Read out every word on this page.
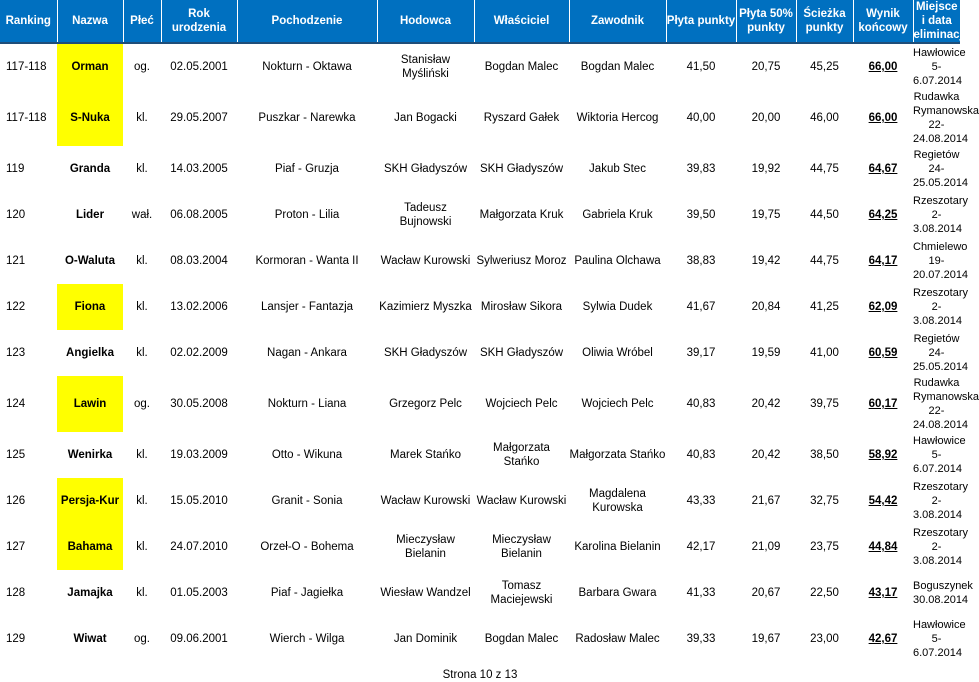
Ranking	Nazwa	Płeć	Rok urodzenia	Pochodzenie	Hodowca	Właściciel	Zawodnik	Płyta punkty	Płyta 50% punkty	Ścieżka punkty	Wynik końcowy	Miejsce i data eliminacji
117-118	Orman	og.	02.05.2001	Nokturn - Oktawa	Stanisław Myśliński	Bogdan Malec	Bogdan Malec	41,50	20,75	45,25	66,00	Hawłowice
5-6.07.2014

117-118	S-Nuka	kl.	29.05.2007	Puszkar - Narewka	Jan Bogacki	Ryszard Gałek	Wiktoria Hercog	40,00	20,00	46,00	66,00	Rudawka Rymanowska
22-24.08.2014

119	Granda	kl.	14.03.2005	Piaf - Gruzja	SKH Gładyszów	SKH Gładyszów	Jakub Stec	39,83	19,92	44,75	64,67	Regietów
24-25.05.2014

120	Lider	wał.	06.08.2005	Proton - Lilia	Tadeusz Bujnowski	Małgorzata Kruk	Gabriela Kruk	39,50	19,75	44,50	64,25	Rzeszotary
2-3.08.2014

121	O-Waluta	kl.	08.03.2004	Kormoran - Wanta II	Wacław Kurowski	Sylweriusz Moroz	Paulina Olchawa	38,83	19,42	44,75	64,17	Chmielewo
19-20.07.2014

122	Fiona	kl.	13.02.2006	Lansjer - Fantazja	Kazimierz Myszka	Mirosław Sikora	Sylwia Dudek	41,67	20,84	41,25	62,09	Rzeszotary
2-3.08.2014

123	Angielka	kl.	02.02.2009	Nagan - Ankara	SKH Gładyszów	SKH Gładyszów	Oliwia Wróbel	39,17	19,59	41,00	60,59	Regietów
24-25.05.2014

124	Lawin	og.	30.05.2008	Nokturn - Liana	Grzegorz Pelc	Wojciech Pelc	Wojciech Pelc	40,83	20,42	39,75	60,17	Rudawka Rymanowska
22-24.08.2014

125	Wenirka	kl.	19.03.2009	Otto - Wikuna	Marek Stańko	Małgorzata Stańko	Małgorzata Stańko	40,83	20,42	38,50	58,92	Hawłowice
5-6.07.2014

126	Persja-Kur	kl.	15.05.2010	Granit - Sonia	Wacław Kurowski	Wacław Kurowski	Magdalena Kurowska	43,33	21,67	32,75	54,42	Rzeszotary
2-3.08.2014

127	Bahama	kl.	24.07.2010	Orzeł-O - Bohema	Mieczysław Bielanin	Mieczysław Bielanin	Karolina Bielanin	42,17	21,09	23,75	44,84	Rzeszotary
2-3.08.2014

128	Jamajka	kl.	01.05.2003	Piaf - Jagiełka	Wiesław Wandzel	Tomasz Maciejewski	Barbara Gwara	41,33	20,67	22,50	43,17	Boguszynek
30.08.2014

129	Wiwat	og.	09.06.2001	Wierch - Wilga	Jan Dominik	Bogdan Malec	Radosław Malec	39,33	19,67	23,00	42,67	Hawłowice
5-6.07.2014
Strona 10 z 13
